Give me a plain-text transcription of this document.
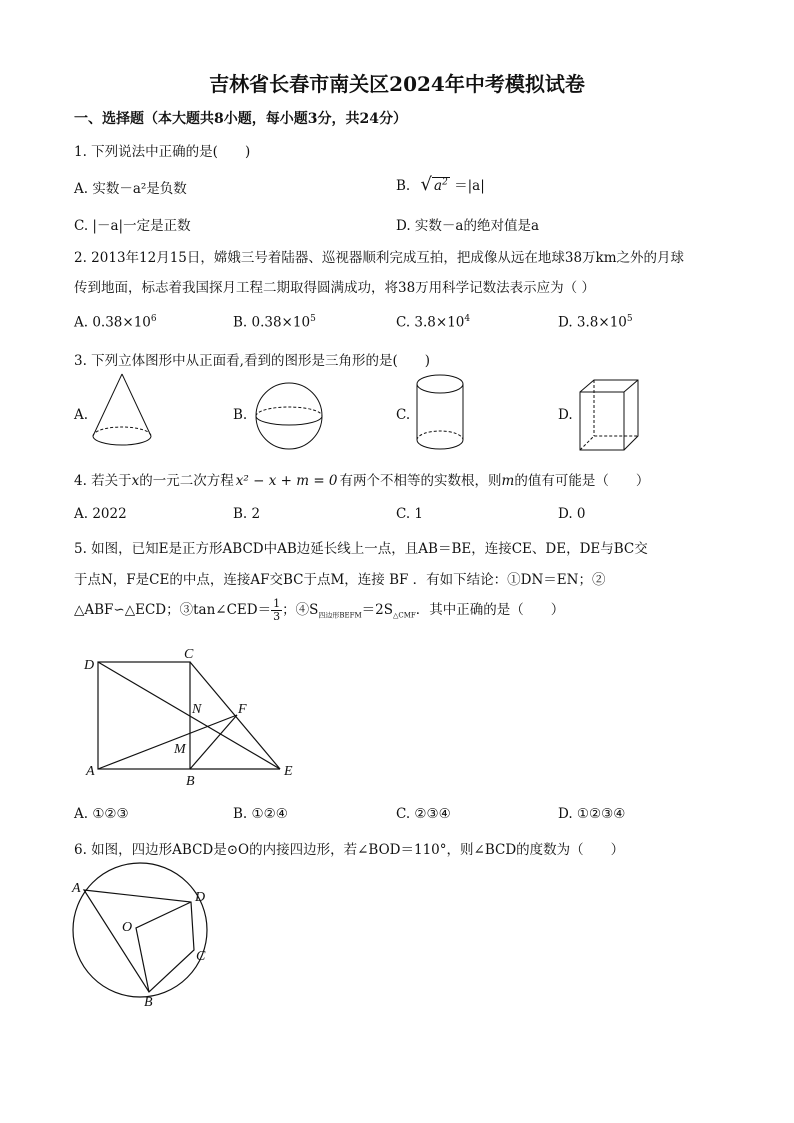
吉林省长春市南关区2024年中考模拟试卷
一、选择题（本大题共8小题，每小题3分，共24分）
1. 下列说法中正确的是(　　)
A. 实数－a²是负数	B. √ $a^2 =|a|$
C. |－a|一定是正数	D. 实数－a的绝对值是a
2. 2013年12月15日，嫦娥三号着陆器、巡视器顺利完成互拍，把成像从远在地球38万km之外的月球
传到地面，标志着我国探月工程二期取得圆满成功，将38万用科学记数法表示应为（ ）
A. $0.38\times 10^6$	B. $0.38\times 10^5$	C. $3.8\times 10^4$	D. $3.8\times 10^5$
3. 下列立体图形中从正面看,看到的图形是三角形的是(　　)
A.	B.	C.	D.
4. 若关于x的一元二次方程 x² − x + m = 0 有两个不相等的实数根，则m的值有可能是（　　）
A. 2022	B. 2	C. 1	D. 0
5. 如图，已知E是正方形ABCD中AB边延长线上一点，且AB＝BE，连接CE、DE，DE与BC交
于点N，F是CE的中点，连接AF交BC于点M，连接 BF ．有如下结论：①DN＝EN；②
△ABF∽△ECD；③tan∠CED＝ $\frac{1}{3}$ ；$④S_{四边形BEFM}=2S_{\triangle CMF}$．其中正确的是（　　）
D
C
N	F
M
A
B
E
A. ①②③	B. ①②④	C. ②③④	D. ①②③④
6. 如图，四边形ABCD是⊙O的内接四边形，若∠BOD＝110°，则∠BCD的度数为（　　）
A
D
O
C
B
